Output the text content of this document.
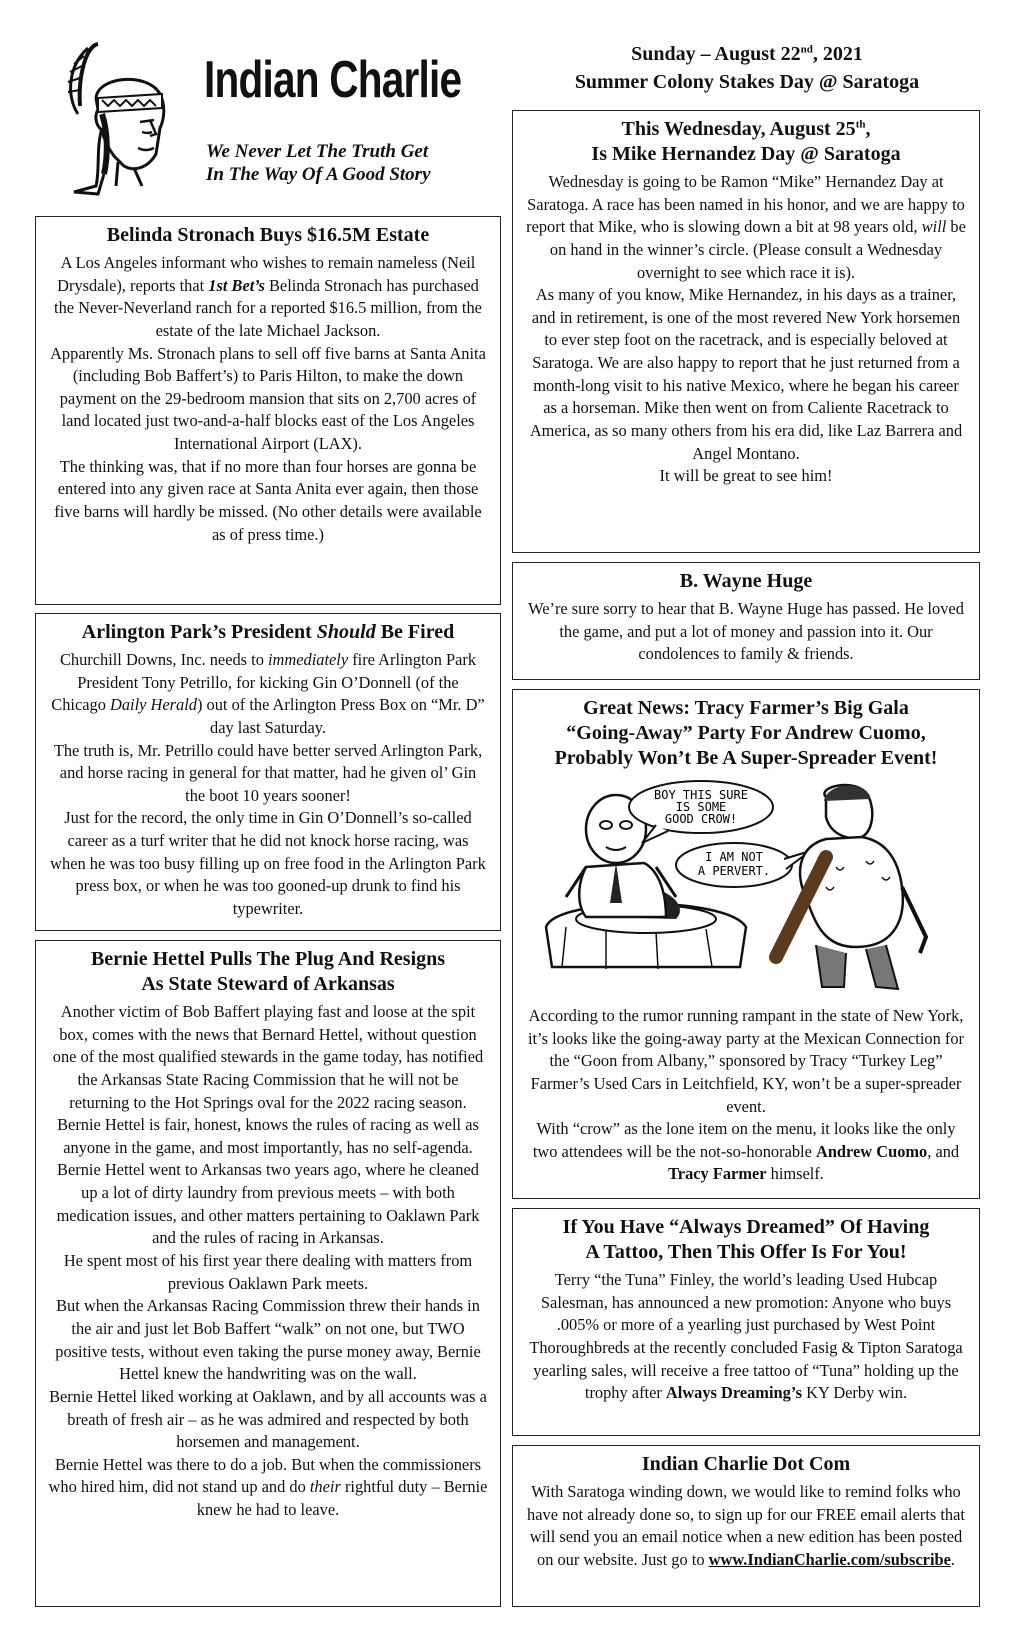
Indian Charlie
We Never Let The Truth Get
In The Way Of A Good Story
Sunday – August 22nd, 2021
Summer Colony Stakes Day @ Saratoga
Belinda Stronach Buys $16.5M Estate

A Los Angeles informant who wishes to remain nameless (Neil Drysdale), reports that 1st Bet’s Belinda Stronach has purchased the Never-Neverland ranch for a reported $16.5 million, from the estate of the late Michael Jackson.

Apparently Ms. Stronach plans to sell off five barns at Santa Anita (including Bob Baffert’s) to Paris Hilton, to make the down payment on the 29-bedroom mansion that sits on 2,700 acres of land located just two-and-a-half blocks east of the Los Angeles International Airport (LAX).

The thinking was, that if no more than four horses are gonna be entered into any given race at Santa Anita ever again, then those five barns will hardly be missed. (No other details were available as of press time.)

Arlington Park’s President Should Be Fired

Churchill Downs, Inc. needs to immediately fire Arlington Park President Tony Petrillo, for kicking Gin O’Donnell (of the Chicago Daily Herald) out of the Arlington Press Box on “Mr. D” day last Saturday.

The truth is, Mr. Petrillo could have better served Arlington Park, and horse racing in general for that matter, had he given ol’ Gin the boot 10 years sooner!

Just for the record, the only time in Gin O’Donnell’s so-called career as a turf writer that he did not knock horse racing, was when he was too busy filling up on free food in the Arlington Park press box, or when he was too gooned-up drunk to find his typewriter.

Bernie Hettel Pulls The Plug And Resigns
As State Steward of Arkansas

Another victim of Bob Baffert playing fast and loose at the spit box, comes with the news that Bernard Hettel, without question one of the most qualified stewards in the game today, has notified the Arkansas State Racing Commission that he will not be returning to the Hot Springs oval for the 2022 racing season.

Bernie Hettel is fair, honest, knows the rules of racing as well as anyone in the game, and most importantly, has no self-agenda. Bernie Hettel went to Arkansas two years ago, where he cleaned up a lot of dirty laundry from previous meets – with both medication issues, and other matters pertaining to Oaklawn Park and the rules of racing in Arkansas.

He spent most of his first year there dealing with matters from previous Oaklawn Park meets.

But when the Arkansas Racing Commission threw their hands in the air and just let Bob Baffert “walk” on not one, but TWO positive tests, without even taking the purse money away, Bernie Hettel knew the handwriting was on the wall.

Bernie Hettel liked working at Oaklawn, and by all accounts was a breath of fresh air – as he was admired and respected by both horsemen and management.

Bernie Hettel was there to do a job. But when the commissioners who hired him, did not stand up and do their rightful duty – Bernie knew he had to leave.

This Wednesday, August 25th,
Is Mike Hernandez Day @ Saratoga

Wednesday is going to be Ramon “Mike” Hernandez Day at Saratoga. A race has been named in his honor, and we are happy to report that Mike, who is slowing down a bit at 98 years old, will be on hand in the winner’s circle. (Please consult a Wednesday overnight to see which race it is).

As many of you know, Mike Hernandez, in his days as a trainer, and in retirement, is one of the most revered New York horsemen to ever step foot on the racetrack, and is especially beloved at Saratoga. We are also happy to report that he just returned from a month-long visit to his native Mexico, where he began his career as a horseman. Mike then went on from Caliente Racetrack to America, as so many others from his era did, like Laz Barrera and Angel Montano.

It will be great to see him!

B. Wayne Huge

We’re sure sorry to hear that B. Wayne Huge has passed. He loved the game, and put a lot of money and passion into it. Our condolences to family & friends.

Great News: Tracy Farmer’s Big Gala
“Going-Away” Party For Andrew Cuomo,
Probably Won’t Be A Super-Spreader Event!
BOY THIS SURE
IS SOME
GOOD CROW!
I AM NOT
A PERVERT.

According to the rumor running rampant in the state of New York, it’s looks like the going-away party at the Mexican Connection for the “Goon from Albany,” sponsored by Tracy “Turkey Leg” Farmer’s Used Cars in Leitchfield, KY, won’t be a super-spreader event.

With “crow” as the lone item on the menu, it looks like the only two attendees will be the not-so-honorable Andrew Cuomo, and Tracy Farmer himself.

If You Have “Always Dreamed” Of Having
A Tattoo, Then This Offer Is For You!

Terry “the Tuna” Finley, the world’s leading Used Hubcap Salesman, has announced a new promotion: Anyone who buys .005% or more of a yearling just purchased by West Point Thoroughbreds at the recently concluded Fasig & Tipton Saratoga yearling sales, will receive a free tattoo of “Tuna” holding up the trophy after Always Dreaming’s KY Derby win.

Indian Charlie Dot Com

With Saratoga winding down, we would like to remind folks who have not already done so, to sign up for our FREE email alerts that will send you an email notice when a new edition has been posted on our website. Just go to www.IndianCharlie.com/subscribe.
